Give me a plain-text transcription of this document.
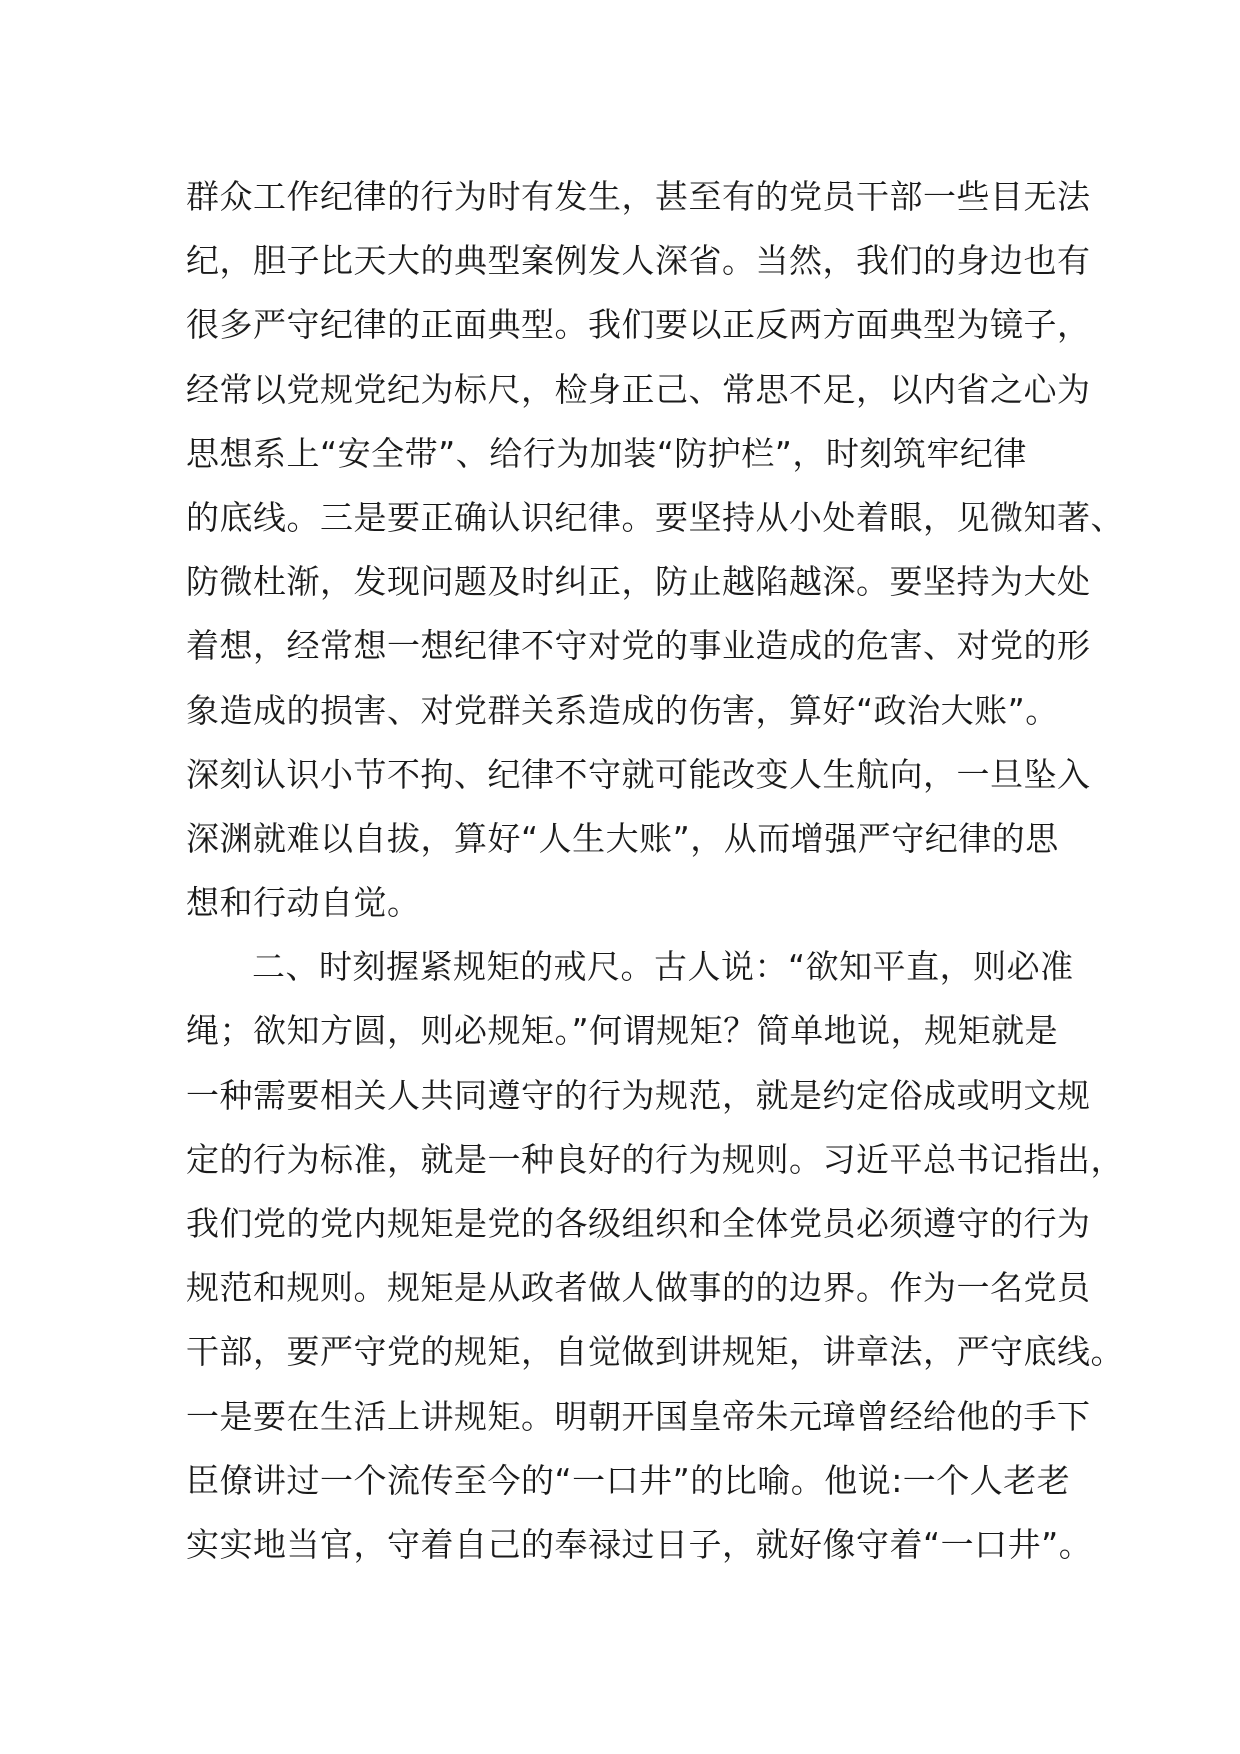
群众工作纪律的行为时有发生，甚至有的党员干部一些目无法
纪，胆子比天大的典型案例发人深省。当然，我们的身边也有
很多严守纪律的正面典型。我们要以正反两方面典型为镜子，
经常以党规党纪为标尺，检身正己、常思不足，以内省之心为
思想系上“安全带”、给行为加装“防护栏”，时刻筑牢纪律
的底线。三是要正确认识纪律。要坚持从小处着眼，见微知著、
防微杜渐，发现问题及时纠正，防止越陷越深。要坚持为大处
着想，经常想一想纪律不守对党的事业造成的危害、对党的形
象造成的损害、对党群关系造成的伤害，算好“政治大账”。
深刻认识小节不拘、纪律不守就可能改变人生航向，一旦坠入
深渊就难以自拔，算好“人生大账”，从而增强严守纪律的思
想和行动自觉。
二、时刻握紧规矩的戒尺。古人说：“欲知平直，则必准
绳；欲知方圆，则必规矩。”何谓规矩？简单地说，规矩就是
一种需要相关人共同遵守的行为规范，就是约定俗成或明文规
定的行为标准，就是一种良好的行为规则。习近平总书记指出，
我们党的党内规矩是党的各级组织和全体党员必须遵守的行为
规范和规则。规矩是从政者做人做事的的边界。作为一名党员
干部，要严守党的规矩，自觉做到讲规矩，讲章法，严守底线。
一是要在生活上讲规矩。明朝开国皇帝朱元璋曾经给他的手下
臣僚讲过一个流传至今的“一口井”的比喻。他说:一个人老老
实实地当官，守着自己的奉禄过日子，就好像守着“一口井”。
